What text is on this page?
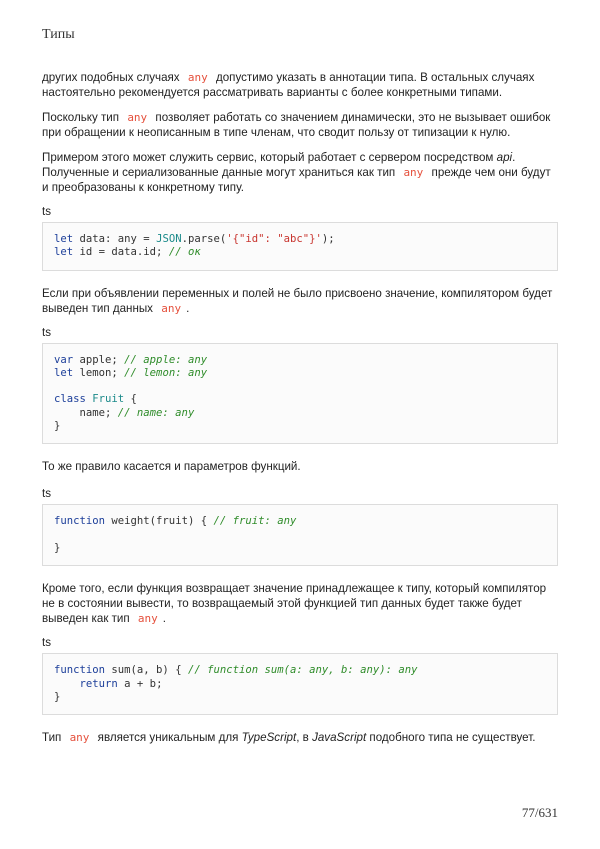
Типы

других подобных случаях any допустимо указать в аннотации типа. В остальных случаях настоятельно рекомендуется рассматривать варианты с более конкретными типами.

Поскольку тип any позволяет работать со значением динамически, это не вызывает ошибок при обращении к неописанным в типе членам, что сводит пользу от типизации к нулю.

Примером этого может служить сервис, который работает с сервером посредством api. Полученные и сериализованные данные могут храниться как тип any прежде чем они будут и преобразованы к конкретному типу.

ts
let data: any = JSON.parse('{"id": "abc"}');
let id = data.id; // ок

Если при объявлении переменных и полей не было присвоено значение, компилятором будет выведен тип данных any .

ts
var apple; // apple: any
let lemon; // lemon: any
class Fruit {
name; // name: any
}

То же правило касается и параметров функций.

ts
function weight(fruit) { // fruit: any
}

Кроме того, если функция возвращает значение принадлежащее к типу, который компилятор не в состоянии вывести, то возвращаемый этой функцией тип данных будет также будет выведен как тип any .

ts
function sum(a, b) { // function sum(a: any, b: any): any
return a + b;
}

Тип any является уникальным для TypeScript, в JavaScript подобного типа не существует.

77/631
